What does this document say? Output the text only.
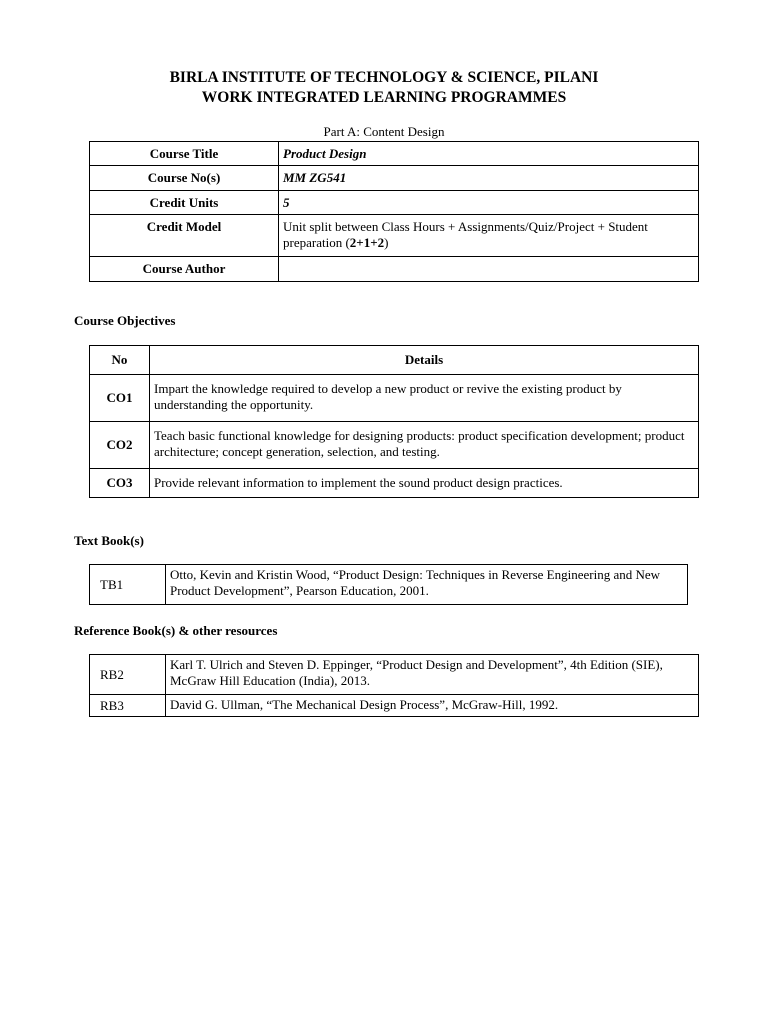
BIRLA INSTITUTE OF TECHNOLOGY & SCIENCE, PILANI
WORK INTEGRATED LEARNING PROGRAMMES
Part A: Content Design
Course Title	Product Design
Course No(s)	MM ZG541
Credit Units	5
Credit Model	Unit split between Class Hours + Assignments/Quiz/Project + Student preparation (2+1+2)
Course Author	
Course Objectives
No	Details
CO1	Impart the knowledge required to develop a new product or revive the existing product by understanding the opportunity.
CO2	Teach basic functional knowledge for designing products: product specification development; product architecture; concept generation, selection, and testing.
CO3	Provide relevant information to implement the sound product design practices.
Text Book(s)
TB1	Otto, Kevin and Kristin Wood, “Product Design: Techniques in Reverse Engineering and New Product Development”, Pearson Education, 2001.
Reference Book(s) & other resources
RB2	Karl T. Ulrich and Steven D. Eppinger, “Product Design and Development”, 4th Edition (SIE), McGraw Hill Education (India), 2013.
RB3	David G. Ullman, “The Mechanical Design Process”, McGraw-Hill, 1992.
